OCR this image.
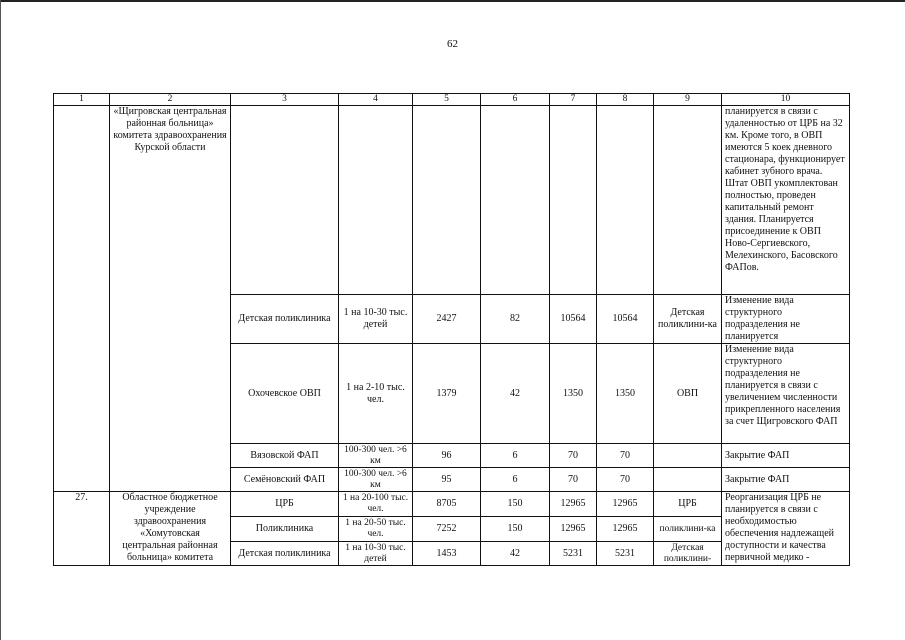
62
1	2	3	4	5	6	7	8	9	10
	«Щигровская центральная районная больница» комитета здравоохранения Курской области								планируется в связи с удаленностью от ЦРБ на 32 км. Кроме того, в ОВП имеются 5 коек дневного стационара, функционирует кабинет зубного врача. Штат ОВП укомплектован полностью, проведен капитальный ремонт здания. Планируется присоединение к ОВП Ново-Сергиевского, Мелехинского, Басовского ФАПов.
		Детская поликлиника	1 на 10-30 тыс. детей	2427	82	10564	10564	Детская поликлини-ка	Изменение вида структурного подразделения не планируется
		Охочевское ОВП	1 на 2-10 тыс. чел.	1379	42	1350	1350	ОВП	Изменение вида структурного подразделения не планируется в связи с увеличением численности прикрепленного населения за счет Щигровского ФАП
		Вязовской ФАП	100-300 чел. >6 км	96	6	70	70		Закрытие ФАП
		Семёновский ФАП	100-300 чел. >6 км	95	6	70	70		Закрытие ФАП
27.	Областное бюджетное учреждение здравоохранения «Хомутовская центральная районная больница» комитета	ЦРБ	1 на 20-100 тыс. чел.	8705	150	12965	12965	ЦРБ	Реорганизация ЦРБ не планируется в связи с необходимостью обеспечения надлежащей доступности и качества первичной медико -
		Поликлиника	1 на 20-50 тыс. чел.	7252	150	12965	12965	поликлини-ка	
		Детская поликлиника	1 на 10-30 тыс. детей	1453	42	5231	5231	Детская поликлини-	
